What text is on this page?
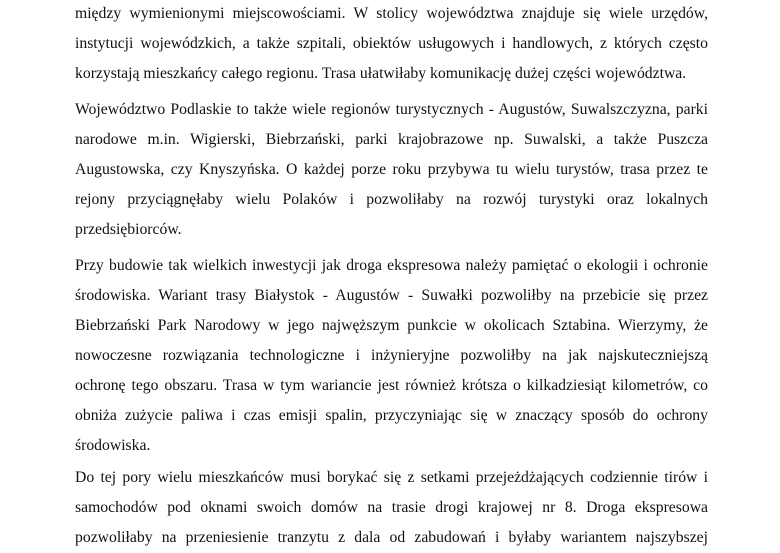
między wymienionymi miejscowościami. W stolicy województwa znajduje się wiele urzędów,
instytucji wojewódzkich, a także szpitali, obiektów usługowych i handlowych, z których często
korzystają mieszkańcy całego regionu. Trasa ułatwiłaby komunikację dużej części województwa.
Województwo Podlaskie to także wiele regionów turystycznych - Augustów, Suwalszczyzna, parki
narodowe m.in. Wigierski, Biebrzański, parki krajobrazowe np. Suwalski, a także Puszcza
Augustowska, czy Knyszyńska. O każdej porze roku przybywa tu wielu turystów, trasa przez te
rejony przyciągnęłaby wielu Polaków i pozwoliłaby na rozwój turystyki oraz lokalnych
przedsiębiorców.
Przy budowie tak wielkich inwestycji jak droga ekspresowa należy pamiętać o ekologii i ochronie
środowiska. Wariant trasy Białystok - Augustów - Suwałki pozwoliłby na przebicie się przez
Biebrzański Park Narodowy w jego najwęższym punkcie w okolicach Sztabina. Wierzymy, że
nowoczesne rozwiązania technologiczne i inżynieryjne pozwoliłby na jak najskuteczniejszą
ochronę tego obszaru. Trasa w tym wariancie jest również krótsza o kilkadziesiąt kilometrów, co
obniża zużycie paliwa i czas emisji spalin, przyczyniając się w znaczący sposób do ochrony
środowiska.
Do tej pory wielu mieszkańców musi borykać się z setkami przejeżdżających codziennie tirów i
samochodów pod oknami swoich domów na trasie drogi krajowej nr 8. Droga ekspresowa
pozwoliłaby na przeniesienie tranzytu z dala od zabudowań i byłaby wariantem najszybszej
